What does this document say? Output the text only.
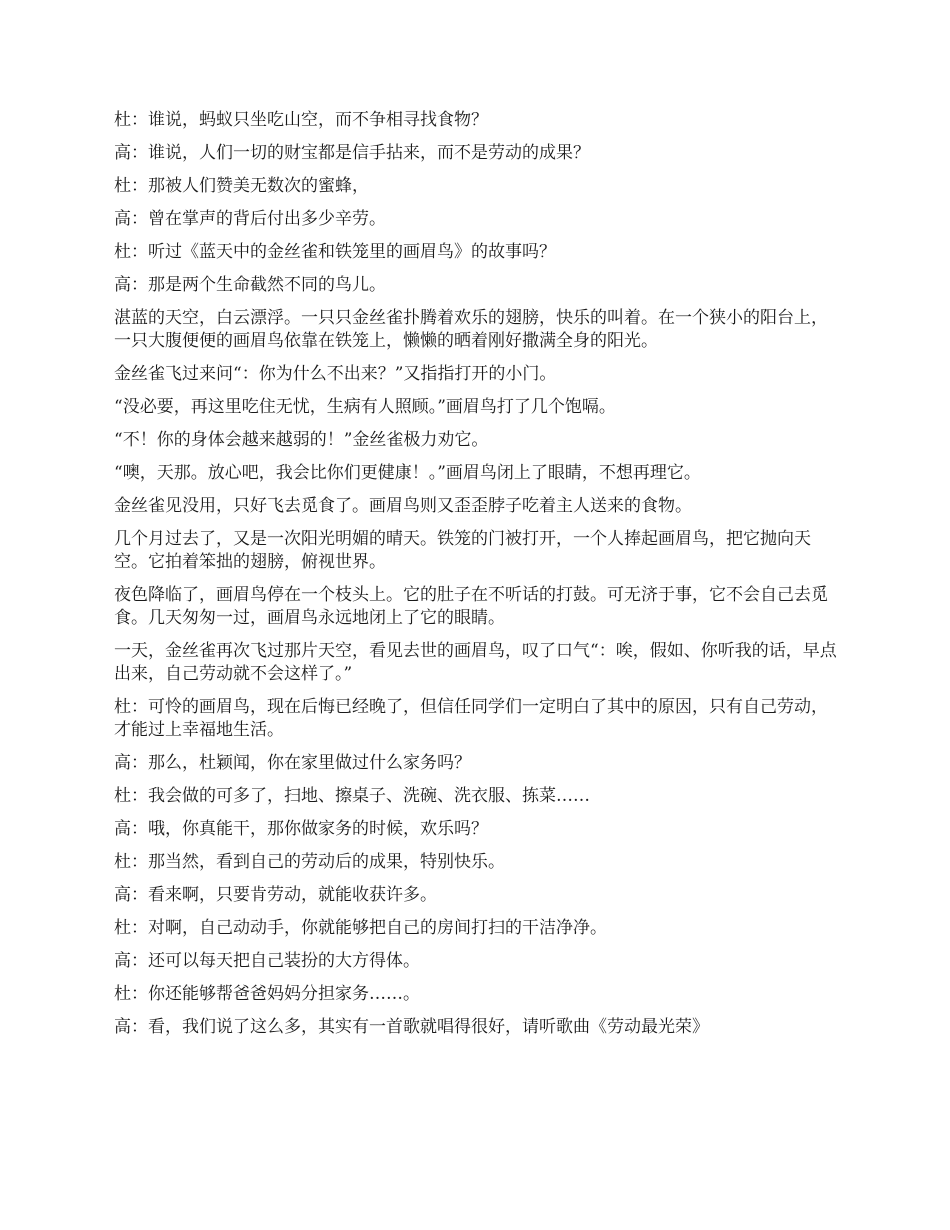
杜：谁说，蚂蚁只坐吃山空，而不争相寻找食物？

高：谁说，人们一切的财宝都是信手拈来，而不是劳动的成果？

杜：那被人们赞美无数次的蜜蜂，

高：曾在掌声的背后付出多少辛劳。

杜：听过《蓝天中的金丝雀和铁笼里的画眉鸟》的故事吗？

高：那是两个生命截然不同的鸟儿。

湛蓝的天空，白云漂浮。一只只金丝雀扑腾着欢乐的翅膀，快乐的叫着。在一个狭小的阳台上，一只大腹便便的画眉鸟依靠在铁笼上，懒懒的晒着刚好撒满全身的阳光。

金丝雀飞过来问“：你为什么不出来？”又指指打开的小门。

“没必要，再这里吃住无忧，生病有人照顾。”画眉鸟打了几个饱嗝。

“不！你的身体会越来越弱的！”金丝雀极力劝它。

“噢，天那。放心吧，我会比你们更健康！。”画眉鸟闭上了眼睛，不想再理它。

金丝雀见没用，只好飞去觅食了。画眉鸟则又歪歪脖子吃着主人送来的食物。

几个月过去了，又是一次阳光明媚的晴天。铁笼的门被打开，一个人捧起画眉鸟，把它抛向天空。它拍着笨拙的翅膀，俯视世界。

夜色降临了，画眉鸟停在一个枝头上。它的肚子在不听话的打鼓。可无济于事，它不会自己去觅食。几天匆匆一过，画眉鸟永远地闭上了它的眼睛。

一天，金丝雀再次飞过那片天空，看见去世的画眉鸟，叹了口气“：唉，假如、你听我的话，早点出来，自己劳动就不会这样了。”

杜：可怜的画眉鸟，现在后悔已经晚了，但信任同学们一定明白了其中的原因，只有自己劳动，才能过上幸福地生活。

高：那么，杜颖闻，你在家里做过什么家务吗？

杜：我会做的可多了，扫地、擦桌子、洗碗、洗衣服、拣菜……

高：哦，你真能干，那你做家务的时候，欢乐吗？

杜：那当然，看到自己的劳动后的成果，特别快乐。

高：看来啊，只要肯劳动，就能收获许多。

杜：对啊，自己动动手，你就能够把自己的房间打扫的干洁净净。

高：还可以每天把自己装扮的大方得体。

杜：你还能够帮爸爸妈妈分担家务……。

高：看，我们说了这么多，其实有一首歌就唱得很好，请听歌曲《劳动最光荣》
